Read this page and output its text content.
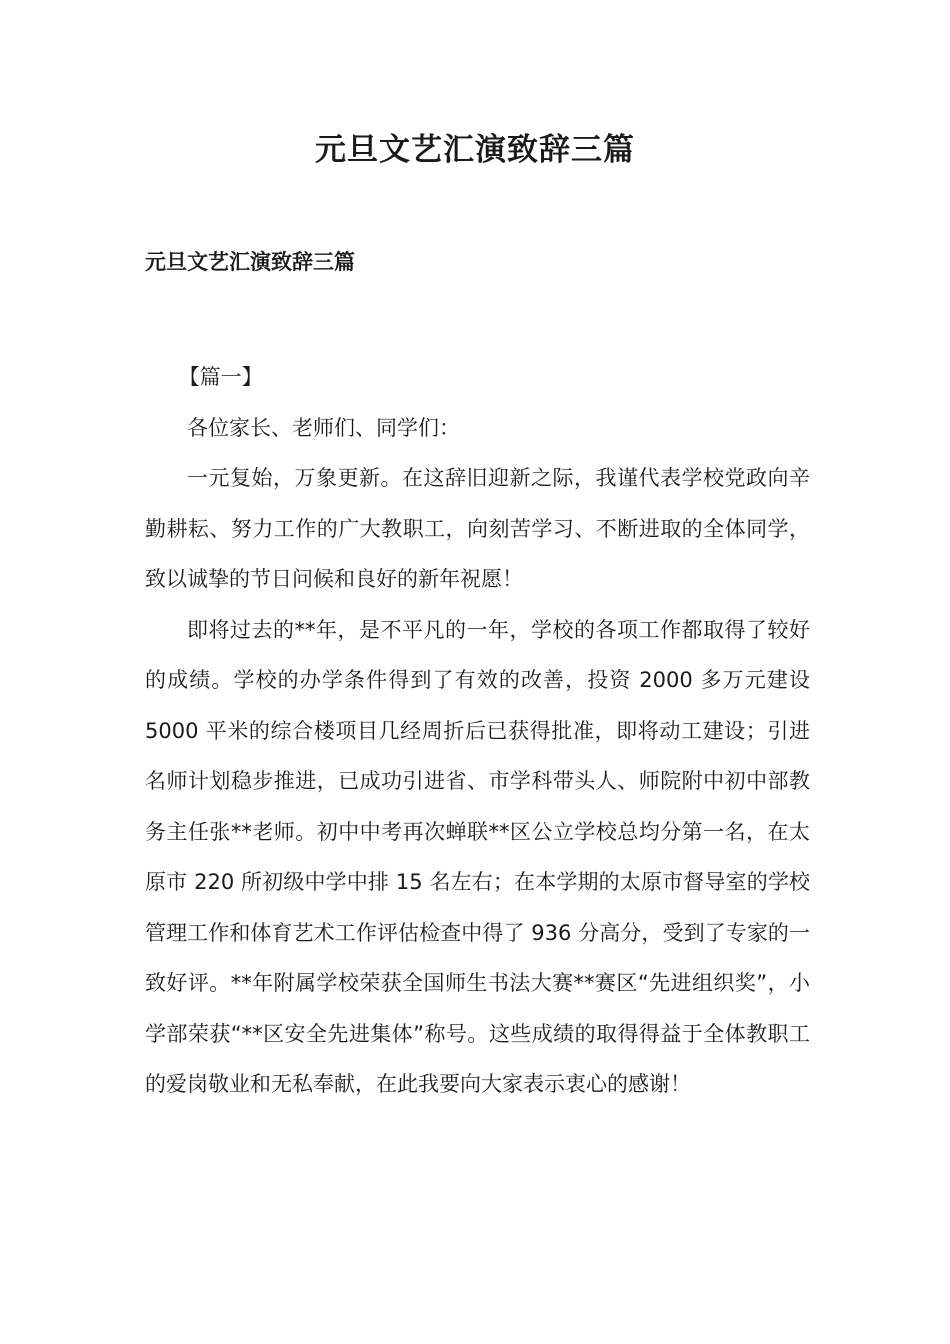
元旦文艺汇演致辞三篇
元旦文艺汇演致辞三篇

【篇一】

各位家长、老师们、同学们：

一元复始，万象更新。在这辞旧迎新之际，我谨代表学校党政向辛勤耕耘、努力工作的广大教职工，向刻苦学习、不断进取的全体同学，致以诚挚的节日问候和良好的新年祝愿！

即将过去的**年，是不平凡的一年，学校的各项工作都取得了较好的成绩。学校的办学条件得到了有效的改善，投资 2000 多万元建设 5000 平米的综合楼项目几经周折后已获得批准，即将动工建设；引进名师计划稳步推进，已成功引进省、市学科带头人、师院附中初中部教务主任张**老师。初中中考再次蝉联**区公立学校总均分第一名，在太原市 220 所初级中学中排 15 名左右；在本学期的太原市督导室的学校管理工作和体育艺术工作评估检查中得了 936 分高分，受到了专家的一致好评。**年附属学校荣获全国师生书法大赛**赛区“先进组织奖”，小学部荣获“**区安全先进集体”称号。这些成绩的取得得益于全体教职工的爱岗敬业和无私奉献，在此我要向大家表示衷心的感谢！
